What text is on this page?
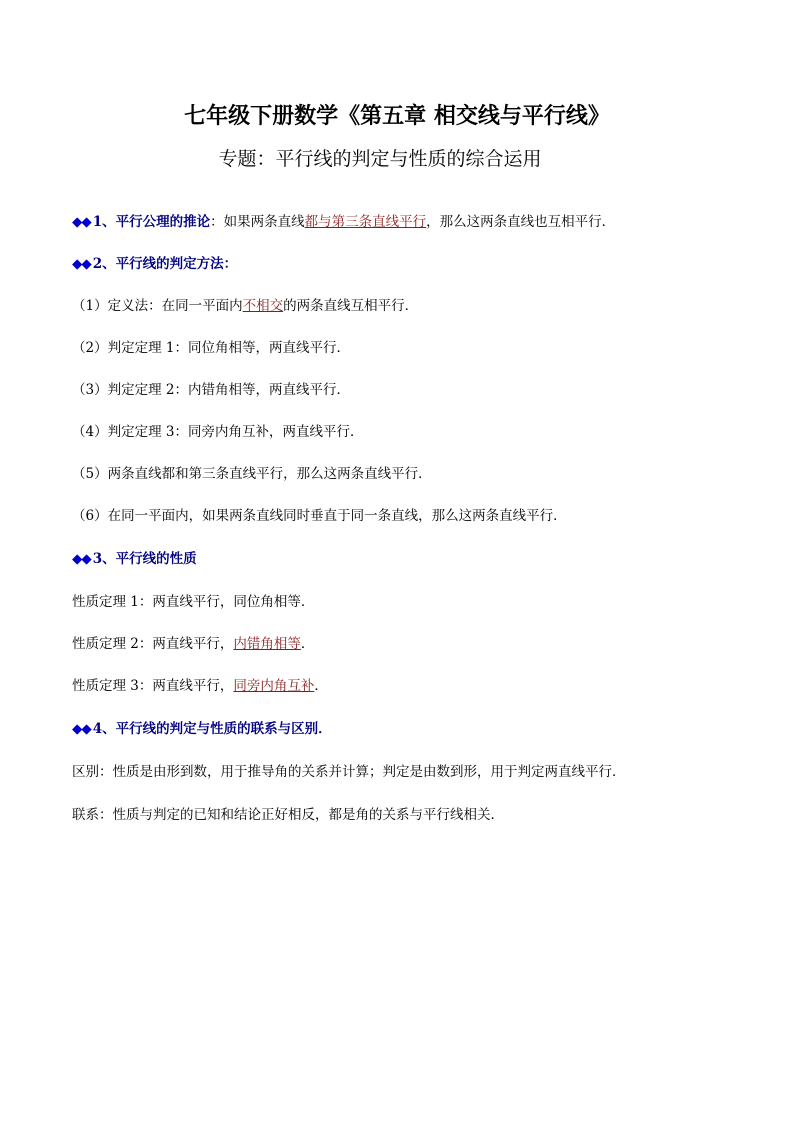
七年级下册数学《第五章 相交线与平行线》
专题：平行线的判定与性质的综合运用
◆◆ 1、平行公理的推论：如果两条直线都与第三条直线平行，那么这两条直线也互相平行．
◆◆ 2、平行线的判定方法：
（1）定义法：在同一平面内不相交的两条直线互相平行．
（2）判定定理 1：同位角相等，两直线平行．
（3）判定定理 2：内错角相等，两直线平行．
（4）判定定理 3：同旁内角互补，两直线平行．
（5）两条直线都和第三条直线平行，那么这两条直线平行．
（6）在同一平面内，如果两条直线同时垂直于同一条直线，那么这两条直线平行．
◆◆ 3、平行线的性质
性质定理 1：两直线平行，同位角相等．
性质定理 2：两直线平行，内错角相等．
性质定理 3：两直线平行，同旁内角互补．
◆◆ 4、平行线的判定与性质的联系与区别．
区别：性质是由形到数，用于推导角的关系并计算；判定是由数到形，用于判定两直线平行．
联系：性质与判定的已知和结论正好相反，都是角的关系与平行线相关．
